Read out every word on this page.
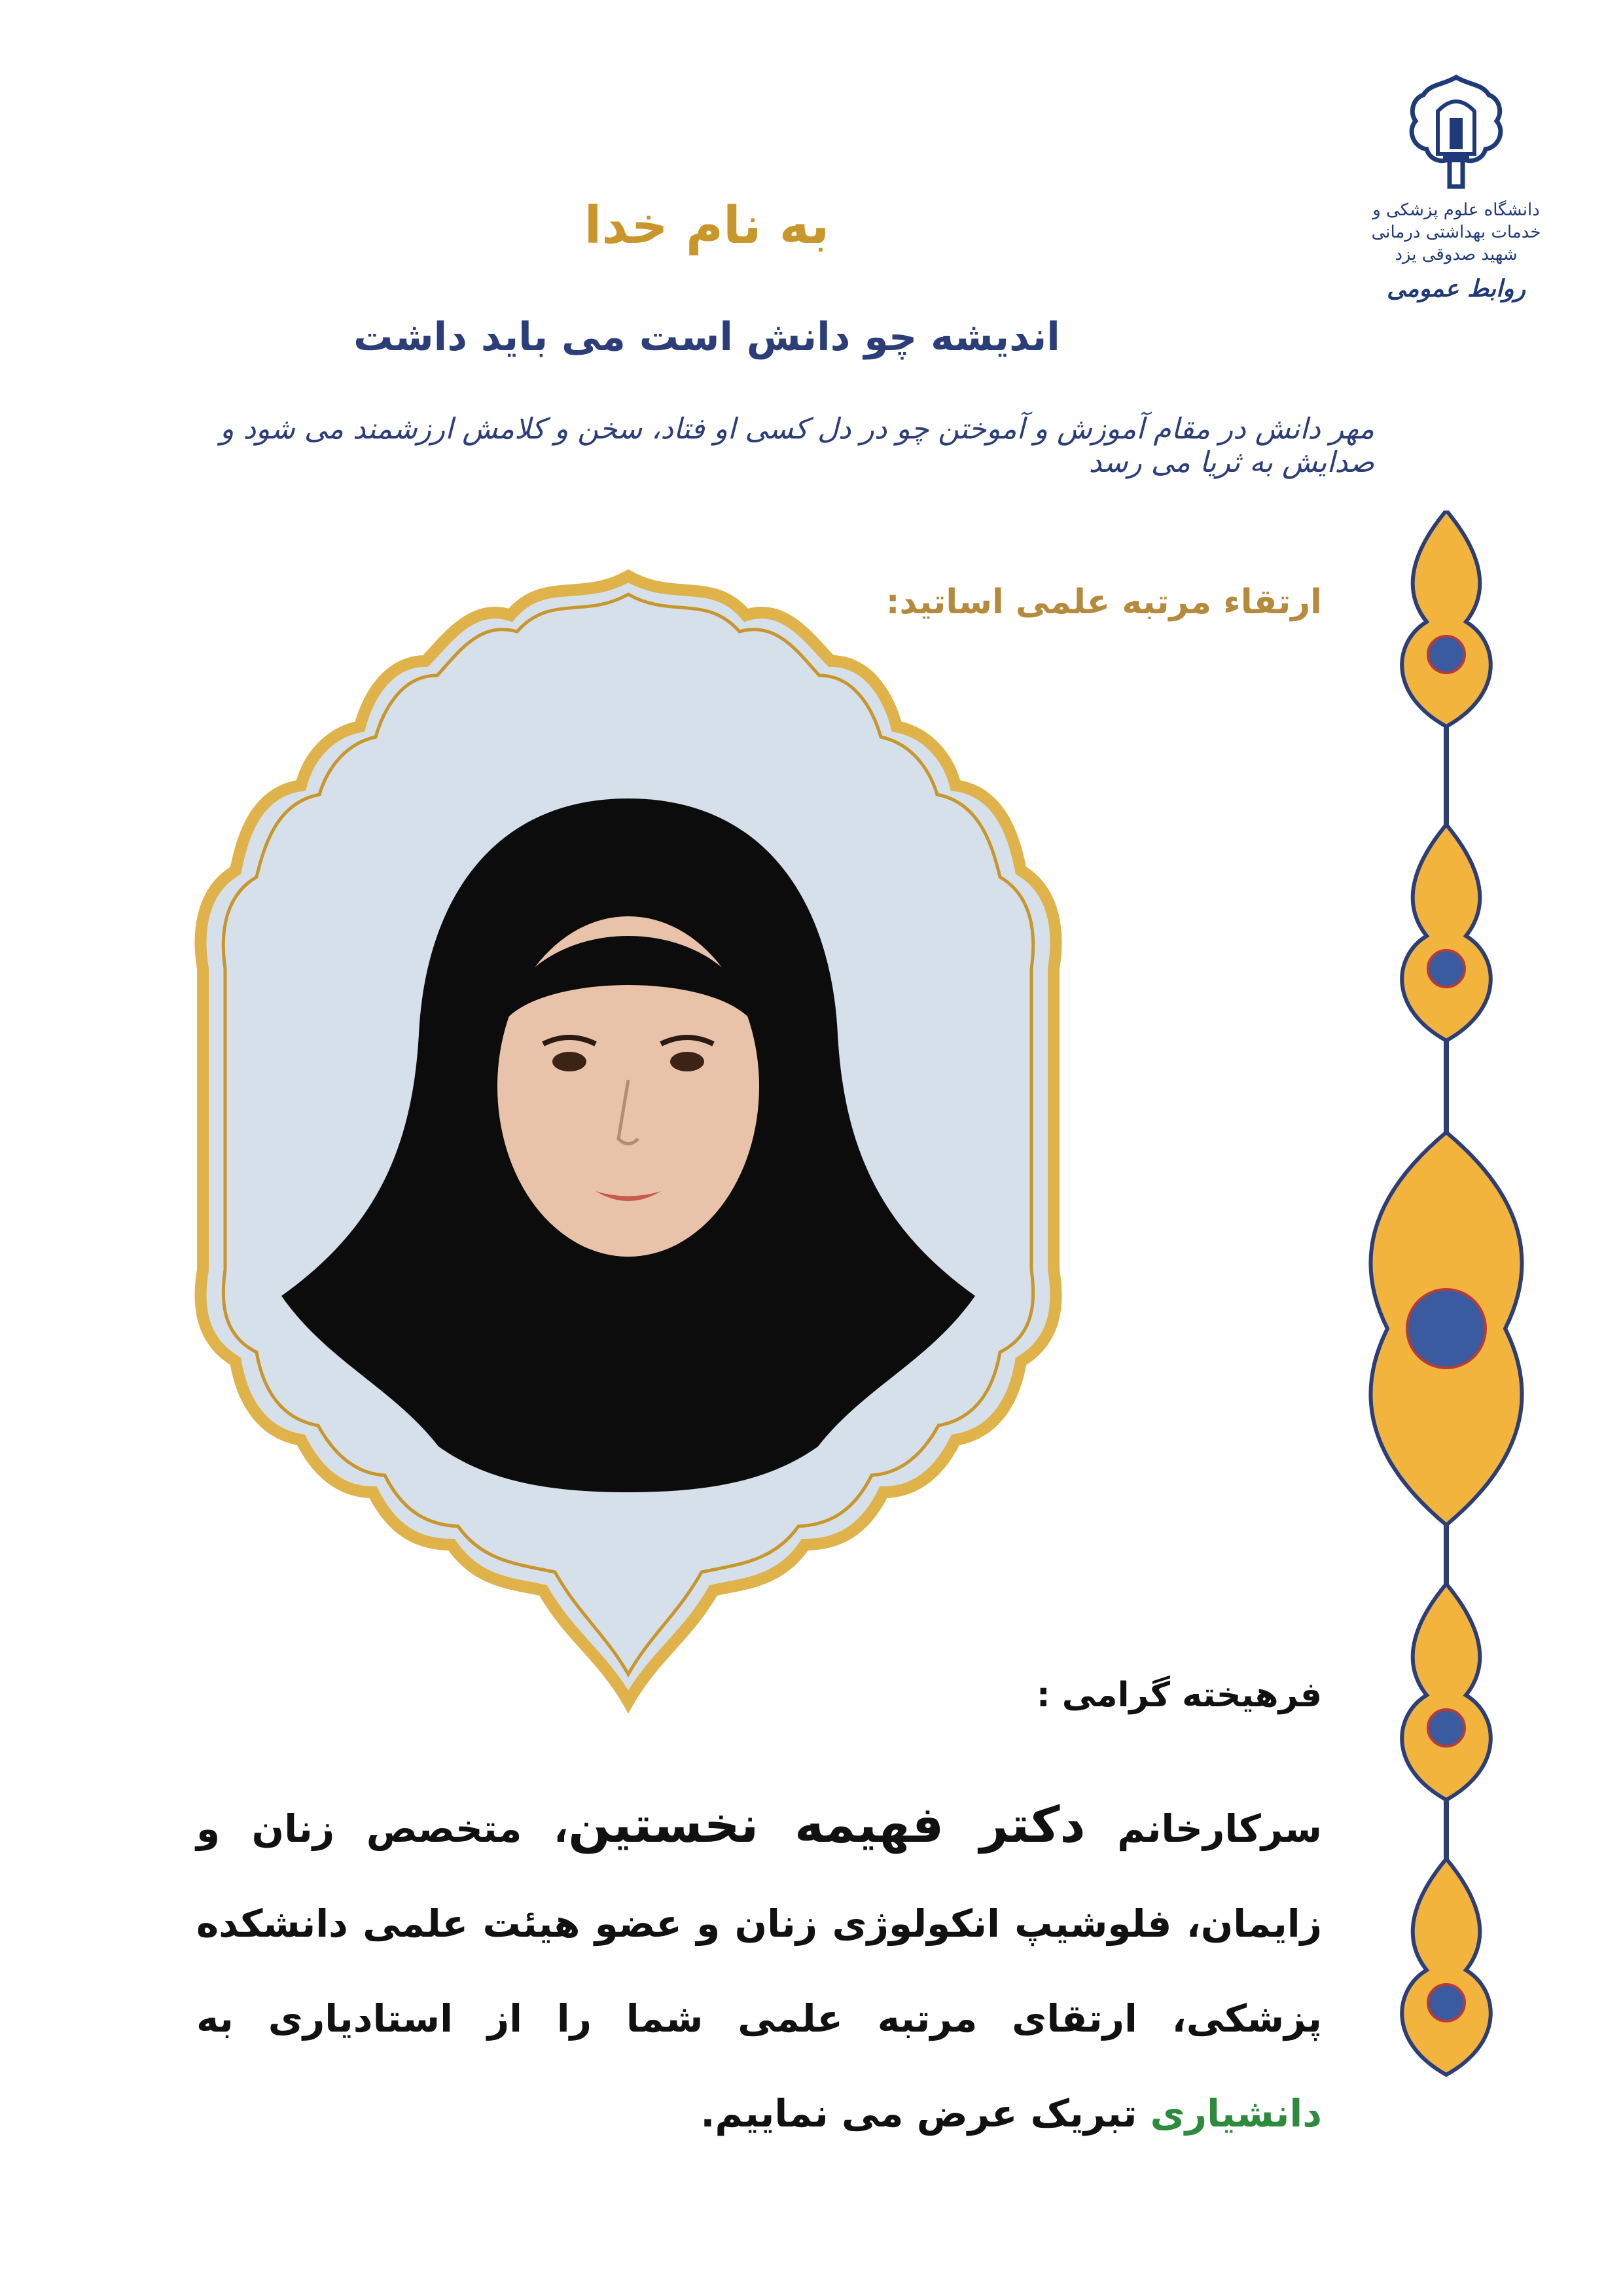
دانشگاه علوم پزشکی و خدمات بهداشتی درمانی
شهید صدوقی یزد
روابط عمومی
به نام خدا
اندیشه چو دانش است می باید داشت
مهر دانش در مقام آموزش و آموختن چو در دل کسی او فتاد، سخن و کلامش ارزشمند می شود و صدایش به ثریا می رسد
ارتقاء مرتبه علمی اساتید:
فرهیخته گرامی :
سرکارخانم دکتر فهیمه نخستین، متخصص زنان و زایمان، فلوشیپ انکولوژی زنان و عضو هیئت علمی دانشکده پزشکی، ارتقای مرتبه علمی شما را از استادیاری به دانشیاری تبریک عرض می نماییم.
